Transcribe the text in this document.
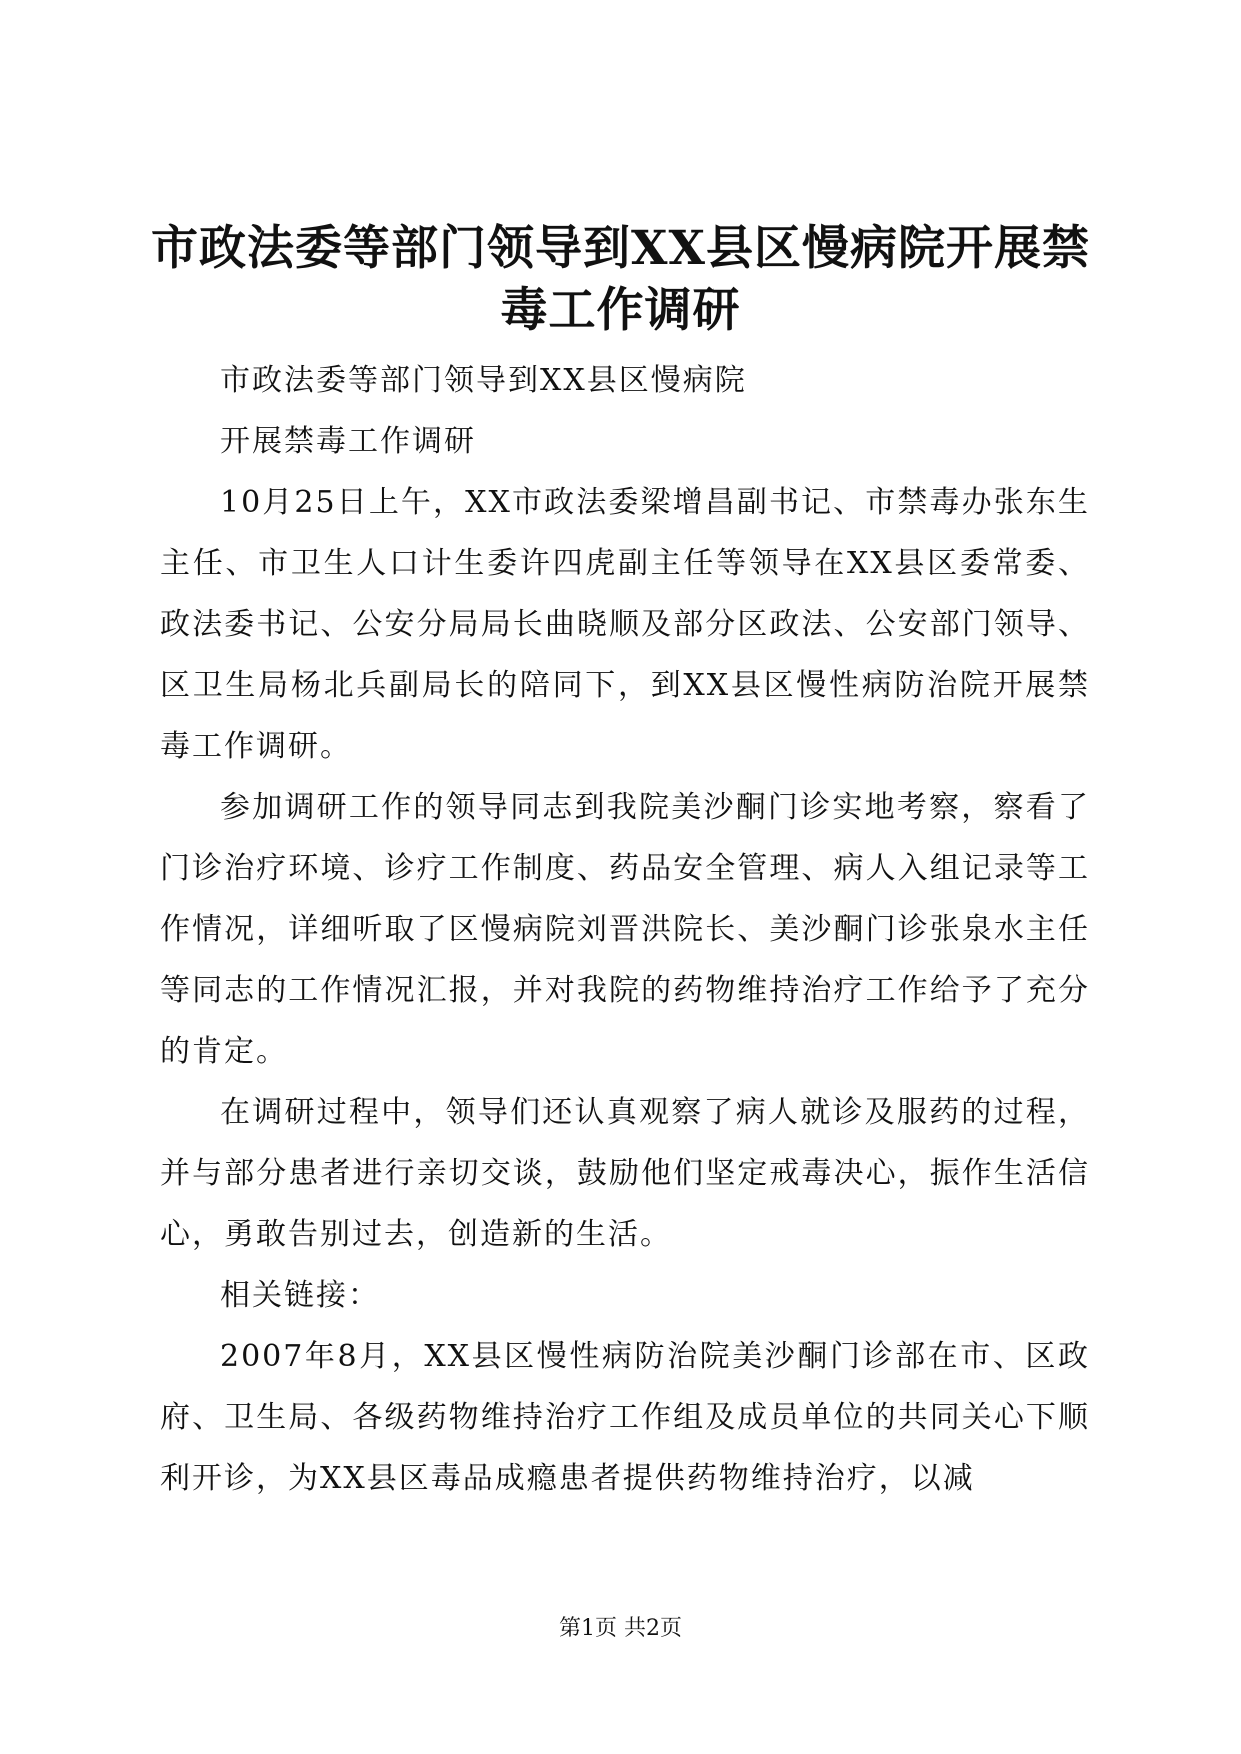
市政法委等部门领导到XX县区慢病院开展禁毒工作调研

市政法委等部门领导到XX县区慢病院

开展禁毒工作调研

10月25日上午，XX市政法委梁增昌副书记、市禁毒办张东生主任、市卫生人口计生委许四虎副主任等领导在XX县区委常委、政法委书记、公安分局局长曲晓顺及部分区政法、公安部门领导、区卫生局杨北兵副局长的陪同下，到XX县区慢性病防治院开展禁毒工作调研。

参加调研工作的领导同志到我院美沙酮门诊实地考察，察看了门诊治疗环境、诊疗工作制度、药品安全管理、病人入组记录等工作情况，详细听取了区慢病院刘晋洪院长、美沙酮门诊张泉水主任等同志的工作情况汇报，并对我院的药物维持治疗工作给予了充分的肯定。

在调研过程中，领导们还认真观察了病人就诊及服药的过程，并与部分患者进行亲切交谈，鼓励他们坚定戒毒决心，振作生活信心，勇敢告别过去，创造新的生活。

相关链接：

2007年8月，XX县区慢性病防治院美沙酮门诊部在市、区政府、卫生局、各级药物维持治疗工作组及成员单位的共同关心下顺利开诊，为XX县区毒品成瘾患者提供药物维持治疗，以减

第1页 共2页
